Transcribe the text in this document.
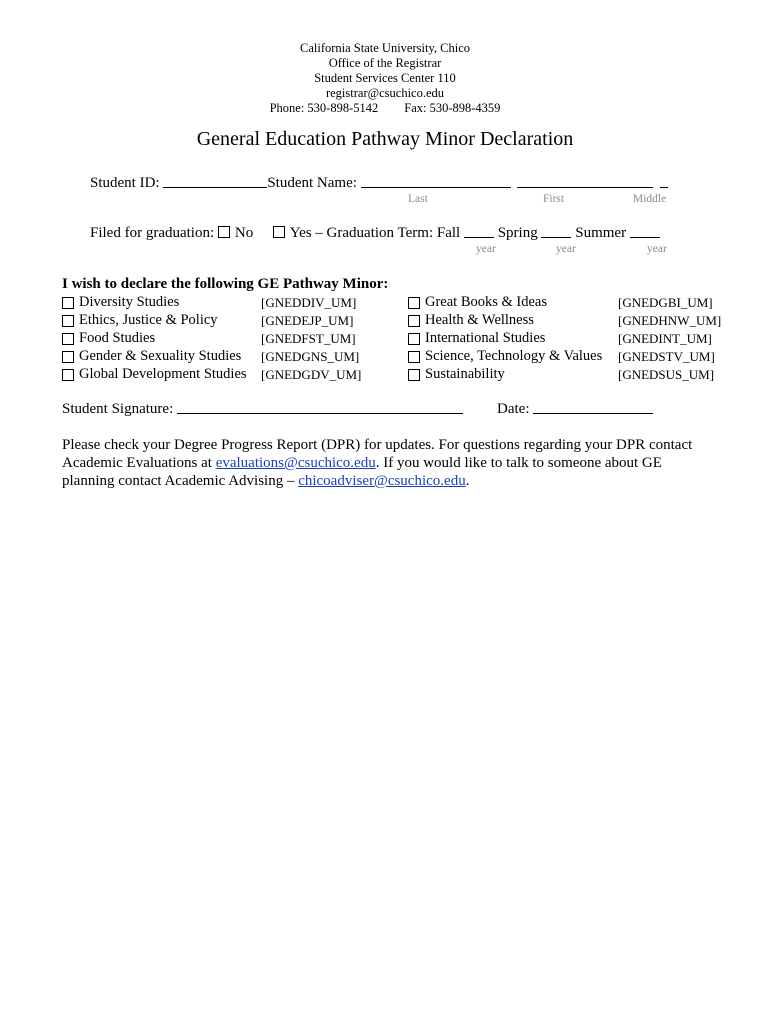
California State University, Chico
Office of the Registrar
Student Services Center 110
registrar@csuchico.edu
Phone: 530-898-5142 Fax: 530-898-4359
General Education Pathway Minor Declaration
Student ID:	Student Name:
Last	First	Middle
Filed for graduation: No Yes – Graduation Term: Fall	Spring	Summer
year	year	year
I wish to declare the following GE Pathway Minor:
Diversity Studies	[GNEDDIV_UM]
Ethics, Justice & Policy	[GNEDEJP_UM]
Food Studies	[GNEDFST_UM]
Gender & Sexuality Studies	[GNEDGNS_UM]
Global Development Studies	[GNEDGDV_UM]
Great Books & Ideas	[GNEDGBI_UM]
Health & Wellness	[GNEDHNW_UM]
International Studies	[GNEDINT_UM]
Science, Technology & Values	[GNEDSTV_UM]
Sustainability	[GNEDSUS_UM]
Student Signature:	Date:
Please check your Degree Progress Report (DPR) for updates. For questions regarding your DPR contact
Academic Evaluations at evaluations@csuchico.edu. If you would like to talk to someone about GE
planning contact Academic Advising – chicoadviser@csuchico.edu.
